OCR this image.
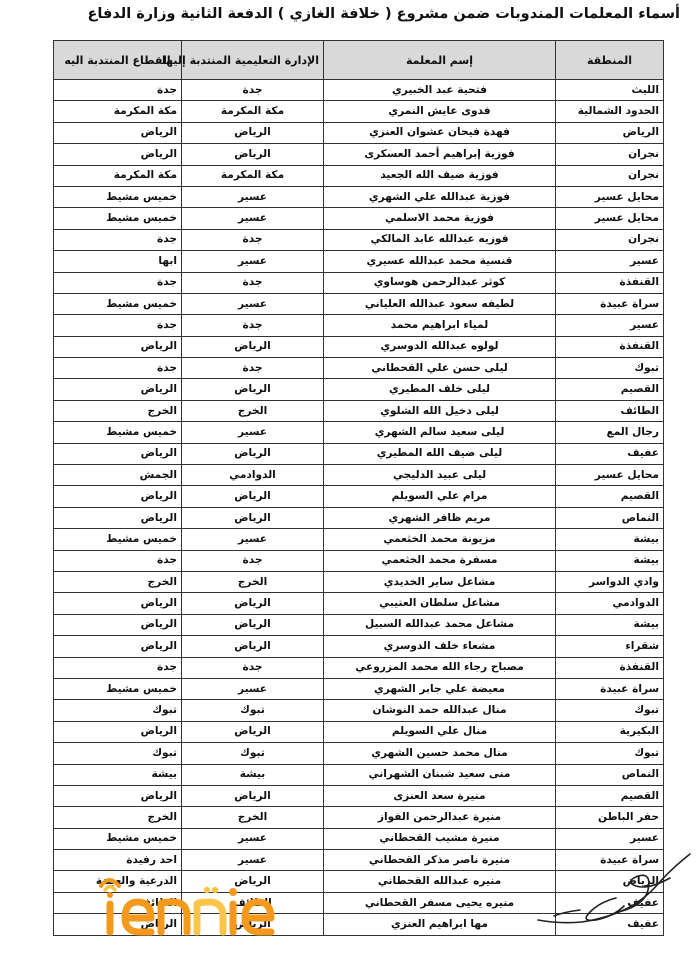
أسماء المعلمات المندوبات ضمن مشروع ( خلافة الغازي ) الدفعة الثانية وزارة الدفاع
المنطقة	إسم المعلمة	الإدارة التعليمية المنتدبة إليها	القطاع المنتدبة اليه
الليث	فتحية عبد الخبيري	جدة	جدة
الحدود الشمالية	فدوى عايش النمري	مكة المكرمة	مكة المكرمة
الرياض	فهدة فيحان عشوان العنزي	الرياض	الرياض
نجران	فوزية إبراهيم أحمد العسكرى	الرياض	الرياض
نجران	فوزية ضيف الله الجعيد	مكة المكرمة	مكة المكرمة
محايل عسير	فوزية عبدالله علي الشهري	عسير	خميس مشيط
محايل عسير	فوزية محمد الاسلمي	عسير	خميس مشيط
نجران	فوزيه عبدالله عابد المالكي	جدة	جدة
عسير	قنسية محمد عبدالله عسيري	عسير	ابها
القنفذة	كوثر عبدالرحمن هوساوي	جدة	جدة
سراة عبيدة	لطيفه سعود عبدالله العلياني	عسير	خميس مشيط
عسير	لمياء ابراهيم محمد	جدة	جدة
القنفذة	لولوه عبدالله الدوسري	الرياض	الرياض
تبوك	ليلى حسن علي القحطاني	جدة	جدة
القصيم	ليلى خلف المطيري	الرياض	الرياض
الطائف	ليلى دخيل الله الشلوي	الخرج	الخرج
رجال المع	ليلى سعيد سالم الشهري	عسير	خميس مشيط
عفيف	ليلى ضيف الله المطيري	الرياض	الرياض
محايل عسير	ليلى عبيد الدليجي	الدوادمي	الجمش
القصيم	مرام علي السويلم	الرياض	الرياض
النماص	مريم ظافر الشهري	الرياض	الرياض
بيشة	مزيونة محمد الخثعمي	عسير	خميس مشيط
بيشة	مسفرة محمد الخثعمي	جدة	جدة
وادي الدواسر	مشاعل ساير الخديدي	الخرج	الخرج
الدوادمي	مشاعل سلطان العتيبي	الرياض	الرياض
بيشة	مشاعل محمد عبدالله السبيل	الرياض	الرياض
شقراء	مشعاء خلف الدوسري	الرياض	الرياض
القنفذة	مصباح رجاء الله محمد المزروعي	جدة	جدة
سراة عبيدة	معيضة علي جابر الشهري	عسير	خميس مشيط
تبوك	منال عبدالله حمد النوشان	تبوك	تبوك
البكيرية	منال علي السويلم	الرياض	الرياض
تبوك	منال محمد حسين الشهري	تبوك	تبوك
النماص	منى سعيد شبنان الشهراني	بيشة	بيشة
القصيم	منيرة سعد العنزى	الرياض	الرياض
حفر الباطن	منيرة عبدالرحمن الفواز	الخرج	الخرج
عسير	منيرة مشيب القحطاني	عسير	خميس مشيط
سراة عبيدة	منيرة ناصر مذكر القحطاني	عسير	احد رفيدة
الرياض	منيره عبدالله القحطاني	الرياض	الدرعية والعيينة
عفيف	منيره يحيى مسفر القحطاني	الطائف	الطائف
عفيف	مها ابراهيم العنزي	الرياض	الرياض
